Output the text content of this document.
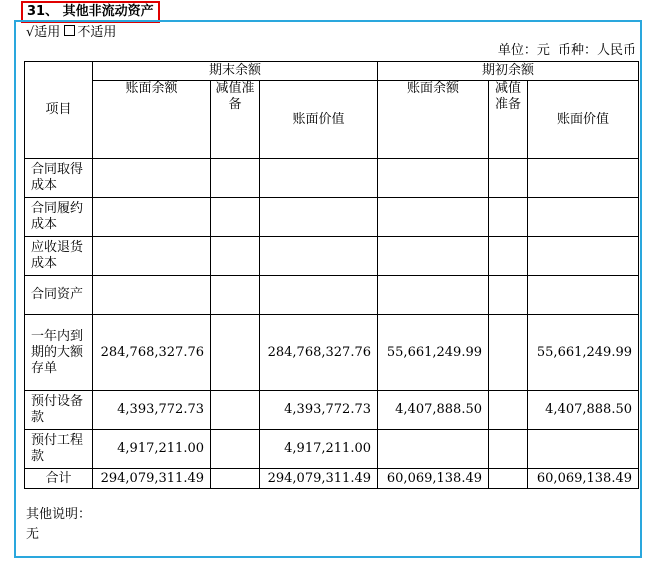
31、 其他非流动资产
√适用 不适用
单位：元 币种：人民币
项目	期末余额			期初余额		
	账面余额	减值准备	账面价值	账面余额	减值准备	账面价值
合同取得成本						
合同履约成本						
应收退货成本						
合同资产						
一年内到期的大额存单	284,768,327.76		284,768,327.76	55,661,249.99		55,661,249.99
预付设备款	4,393,772.73		4,393,772.73	4,407,888.50		4,407,888.50
预付工程款	4,917,211.00		4,917,211.00			
合计	294,079,311.49		294,079,311.49	60,069,138.49		60,069,138.49
其他说明：
无
